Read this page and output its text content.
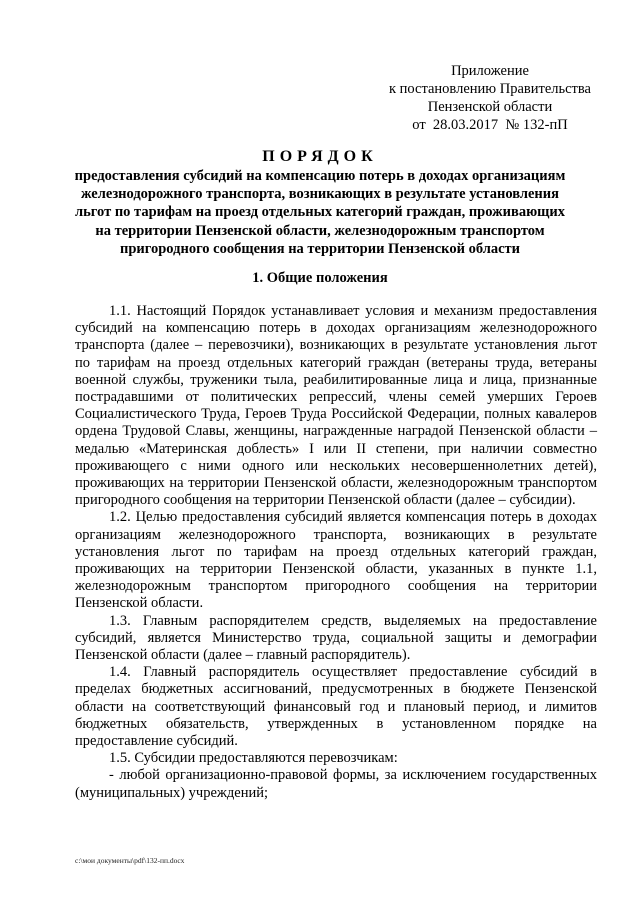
Приложение
к постановлению Правительства
Пензенской области
от  28.03.2017  № 132-пП
ПОРЯДОК
предоставления субсидий на компенсацию потерь в доходах организациям железнодорожного транспорта, возникающих в результате установления льгот по тарифам на проезд отдельных категорий граждан, проживающих на территории Пензенской области, железнодорожным транспортом пригородного сообщения на территории Пензенской области
1. Общие положения

1.1. Настоящий Порядок устанавливает условия и механизм предоставления субсидий на компенсацию потерь в доходах организациям железнодорожного транспорта (далее – перевозчики), возникающих в результате установления льгот по тарифам на проезд отдельных категорий граждан (ветераны труда, ветераны военной службы, труженики тыла, реабилитированные лица и лица, признанные пострадавшими от политических репрессий, члены семей умерших Героев Социалистического Труда, Героев Труда Российской Федерации, полных кавалеров ордена Трудовой Славы, женщины, награжденные наградой Пензенской области – медалью «Материнская доблесть» I или II степени, при наличии совместно проживающего с ними одного или нескольких несовершеннолетних детей), проживающих на территории Пензенской области, железнодорожным транспортом пригородного сообщения на территории Пензенской области (далее – субсидии).

1.2. Целью предоставления субсидий является компенсация потерь в доходах организациям железнодорожного транспорта, возникающих в результате установления льгот по тарифам на проезд отдельных категорий граждан, проживающих на территории Пензенской области, указанных в пункте 1.1, железнодорожным транспортом пригородного сообщения на территории Пензенской области.

1.3. Главным распорядителем средств, выделяемых на предоставление субсидий, является Министерство труда, социальной защиты и демографии Пензенской области (далее – главный распорядитель).

1.4. Главный распорядитель осуществляет предоставление субсидий в пределах бюджетных ассигнований, предусмотренных в бюджете Пензенской области на соответствующий финансовый год и плановый период, и лимитов бюджетных обязательств, утвержденных в установленном порядке на предоставление субсидий.

1.5. Субсидии предоставляются перевозчикам:

- любой организационно-правовой формы, за исключением государственных (муниципальных) учреждений;

c:\мои документы\pdf\132-пп.docx
